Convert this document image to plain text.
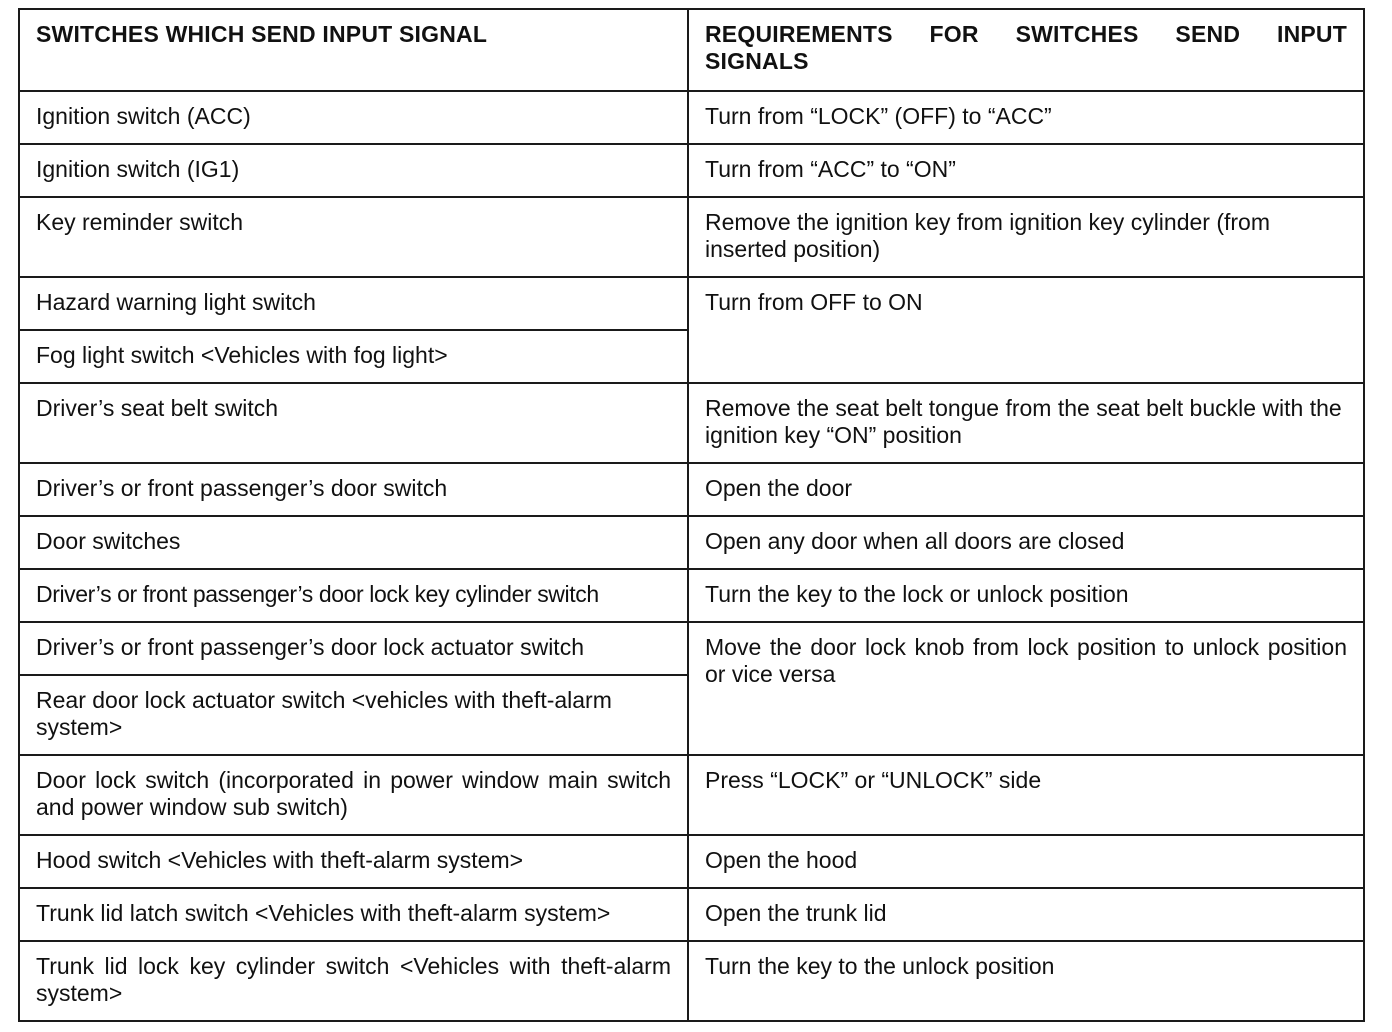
SWITCHES WHICH SEND INPUT SIGNAL	REQUIREMENTS FOR SWITCHES SEND INPUT SIGNALS
Ignition switch (ACC)	Turn from “LOCK” (OFF) to “ACC”
Ignition switch (IG1)	Turn from “ACC” to “ON”
Key reminder switch	Remove the ignition key from ignition key cylinder (from inserted position)
Hazard warning light switch	Turn from OFF to ON
Fog light switch <Vehicles with fog light>	
Driver’s seat belt switch	Remove the seat belt tongue from the seat belt buckle with the ignition key “ON” position
Driver’s or front passenger’s door switch	Open the door
Door switches	Open any door when all doors are closed
Driver’s or front passenger’s door lock key cylinder switch	Turn the key to the lock or unlock position
Driver’s or front passenger’s door lock actuator switch	Move the door lock knob from lock position to unlock position or vice versa
Rear door lock actuator switch <vehicles with theft-alarm system>	
Door lock switch (incorporated in power window main switch and power window sub switch)	Press “LOCK” or “UNLOCK” side
Hood switch <Vehicles with theft-alarm system>	Open the hood
Trunk lid latch switch <Vehicles with theft-alarm system>	Open the trunk lid
Trunk lid lock key cylinder switch <Vehicles with theft-alarm system>	Turn the key to the unlock position
